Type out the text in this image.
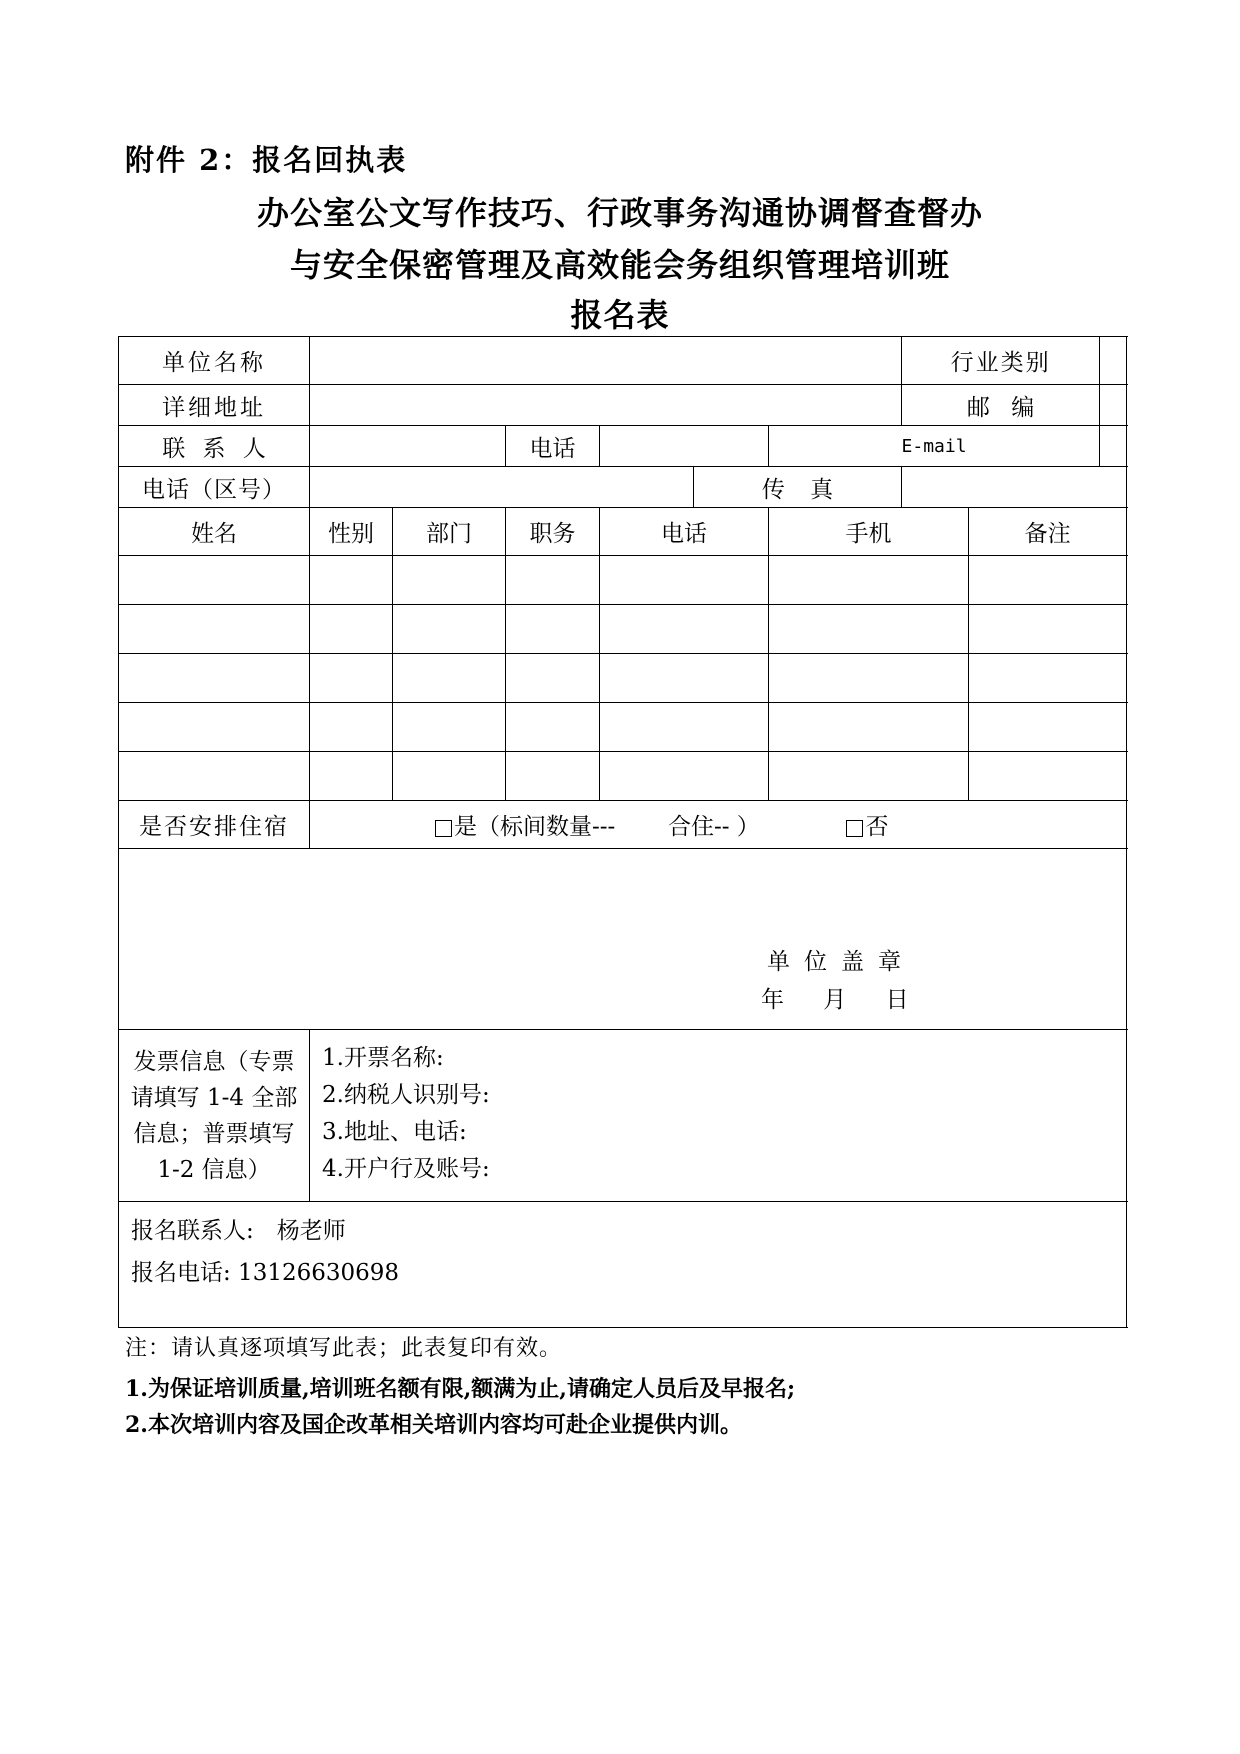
附件 2：报名回执表
办公室公文写作技巧、行政事务沟通协调督查督办
与安全保密管理及高效能会务组织管理培训班
报名表
单位名称							行业类别		
详细地址							邮 编		
联 系 人			电话			E-mail			
电话（区号）					传 真				
姓名	性别	部门	职务	电话		手机		备注	

是否安排住宿	是（标间数量--- 合住-- ） 否								

单位盖章
年 月 日									

发票信息（专票请填写 1-4 全部信息；普票填写 1-2 信息）	1.开票名称:
2.纳税人识别号:
3.地址、电话:
4.开户行及账号:								

报名联系人:　杨老师
报名电话: 13126630698									
注：请认真逐项填写此表；此表复印有效。
1.为保证培训质量,培训班名额有限,额满为止,请确定人员后及早报名;
2.本次培训内容及国企改革相关培训内容均可赴企业提供内训。
